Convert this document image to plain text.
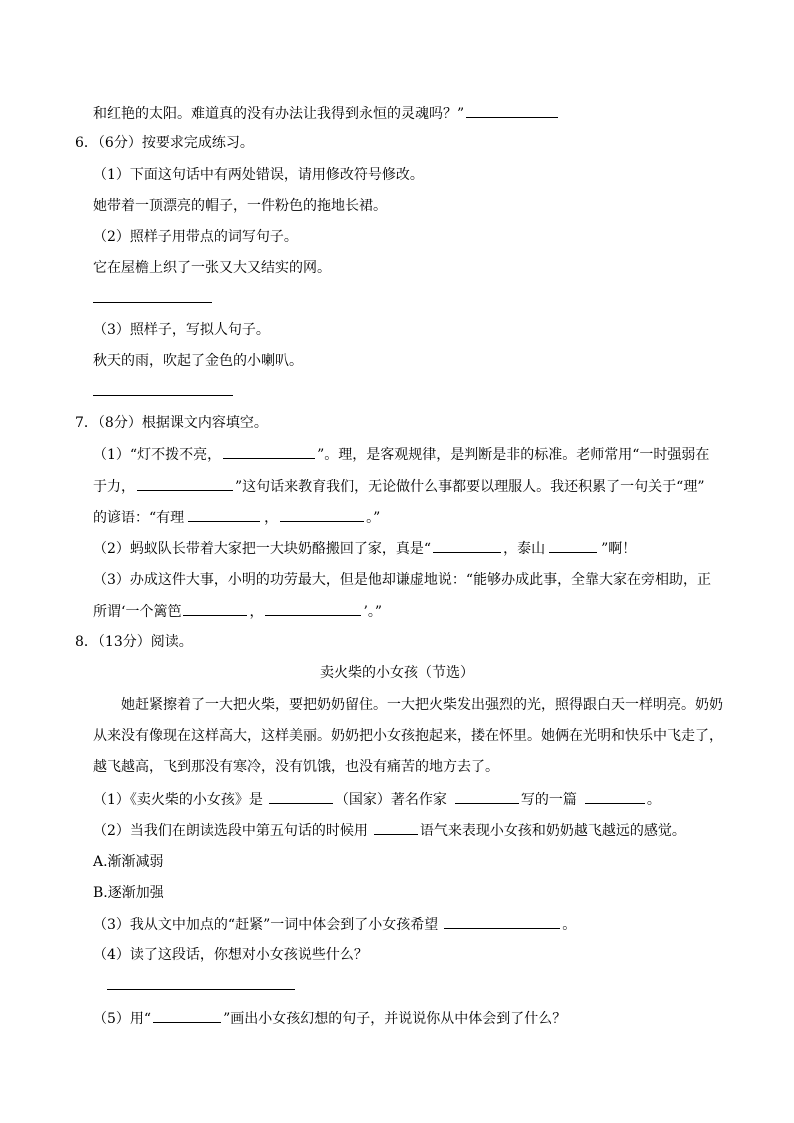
和红艳的太阳。难道真的没有办法让我得到永恒的灵魂吗？”
6．（6分）按要求完成练习。
（1）下面这句话中有两处错误，请用修改符号修改。
她带着一顶漂亮的帽子，一件粉色的拖地长裙。
（2）照样子用带点的词写句子。
它在屋檐上织了一张又大又结实的网。
（3）照样子，写拟人句子。
秋天的雨，吹起了金色的小喇叭。
7．（8分）根据课文内容填空。
（1）“灯不拨不亮，	”。理，是客观规律，是判断是非的标准。老师常用“一时强弱在
于力，	”这句话来教育我们，无论做什么事都要以理服人。我还积累了一句关于“理”
的谚语：“有理	，	。”
（2）蚂蚁队长带着大家把一大块奶酪搬回了家，真是“	，泰山	”啊！
（3）办成这件大事，小明的功劳最大，但是他却谦虚地说：“能够办成此事，全靠大家在旁相助，正
所谓‘一个篱笆	，	’。”
8．（13分）阅读。
卖火柴的小女孩（节选）
她赶紧擦着了一大把火柴，要把奶奶留住。一大把火柴发出强烈的光，照得跟白天一样明亮。奶奶
从来没有像现在这样高大，这样美丽。奶奶把小女孩抱起来，搂在怀里。她俩在光明和快乐中飞走了，
越飞越高，飞到那没有寒冷，没有饥饿，也没有痛苦的地方去了。
（1）《卖火柴的小女孩》是	（国家）著名作家	写的一篇	。
（2）当我们在朗读选段中第五句话的时候用	语气来表现小女孩和奶奶越飞越远的感觉。
A.渐渐减弱
B.逐渐加强
（3）我从文中加点的“赶紧”一词中体会到了小女孩希望	。
（4）读了这段话，你想对小女孩说些什么？
（5）用“	”画出小女孩幻想的句子，并说说你从中体会到了什么？
